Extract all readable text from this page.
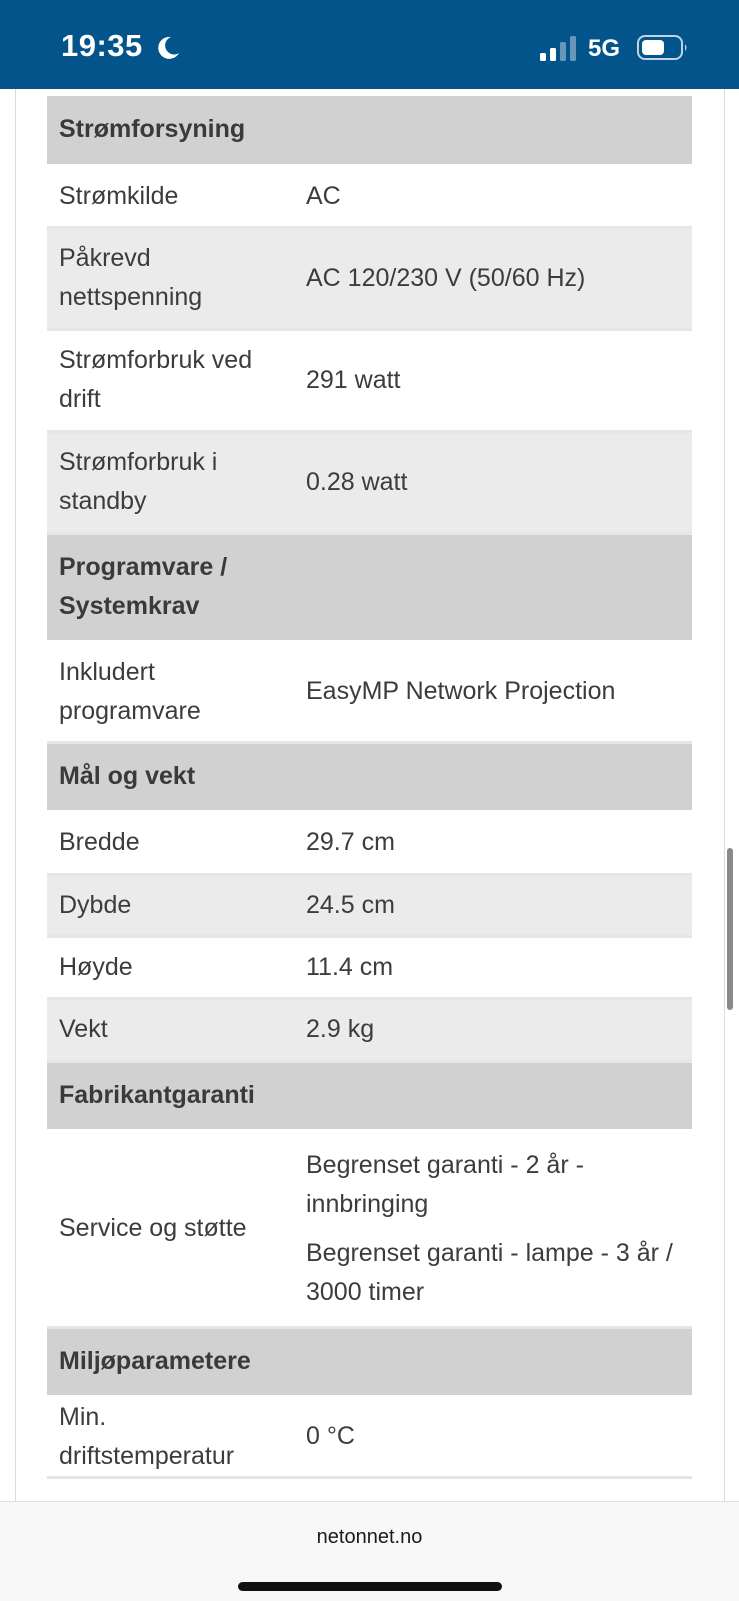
19:35	5G
Strømforsyning	
Strømkilde	AC

Påkrevd nettspenning	AC 120/230 V (50/60 Hz)

Strømforbruk ved drift	291 watt

Strømforbruk i standby	0.28 watt

Programvare / Systemkrav	
Inkludert programvare	EasyMP Network Projection

Mål og vekt	
Bredde	29.7 cm

Dybde	24.5 cm

Høyde	11.4 cm

Vekt	2.9 kg

Fabrikantgaranti	
Service og støtte	Begrenset garanti - 2 år - innbringing
Begrenset garanti - lampe - 3 år / 3000 timer

Miljøparametere	
Min. driftstemperatur	0 °C
netonnet.no
